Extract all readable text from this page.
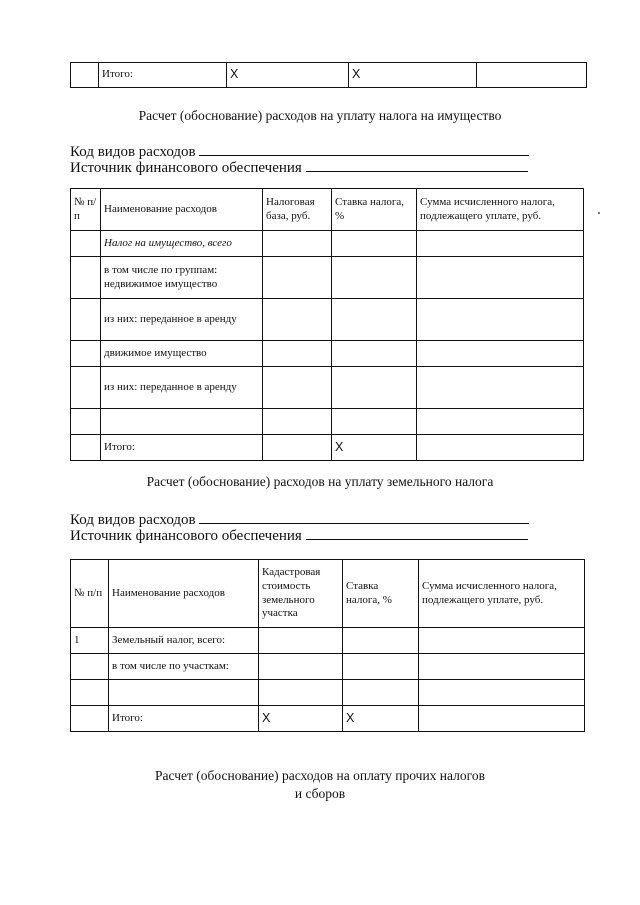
	Итого:	X	X	
Расчет (обоснование) расходов на уплату налога на имущество
Код видов расходов
Источник финансового обеспечения
№ п/п	Наименование расходов	Налоговая база, руб.	Ставка налога, %	Сумма исчисленного налога, подлежащего уплате, руб.
	Налог на имущество, всего			
	в том числе по группам: недвижимое имущество			
	из них: переданное в аренду			
	движимое имущество			
	из них: переданное в аренду			

	Итого:		X	
Расчет (обоснование) расходов на уплату земельного налога
Код видов расходов
Источник финансового обеспечения
№ п/п	Наименование расходов	Кадастровая стоимость земельного участка	Ставка налога, %	Сумма исчисленного налога, подлежащего уплате, руб.
1	Земельный налог, всего:			
	в том числе по участкам:			

	Итого:	X	X	
Расчет (обоснование) расходов на оплату прочих налогов
и сборов
